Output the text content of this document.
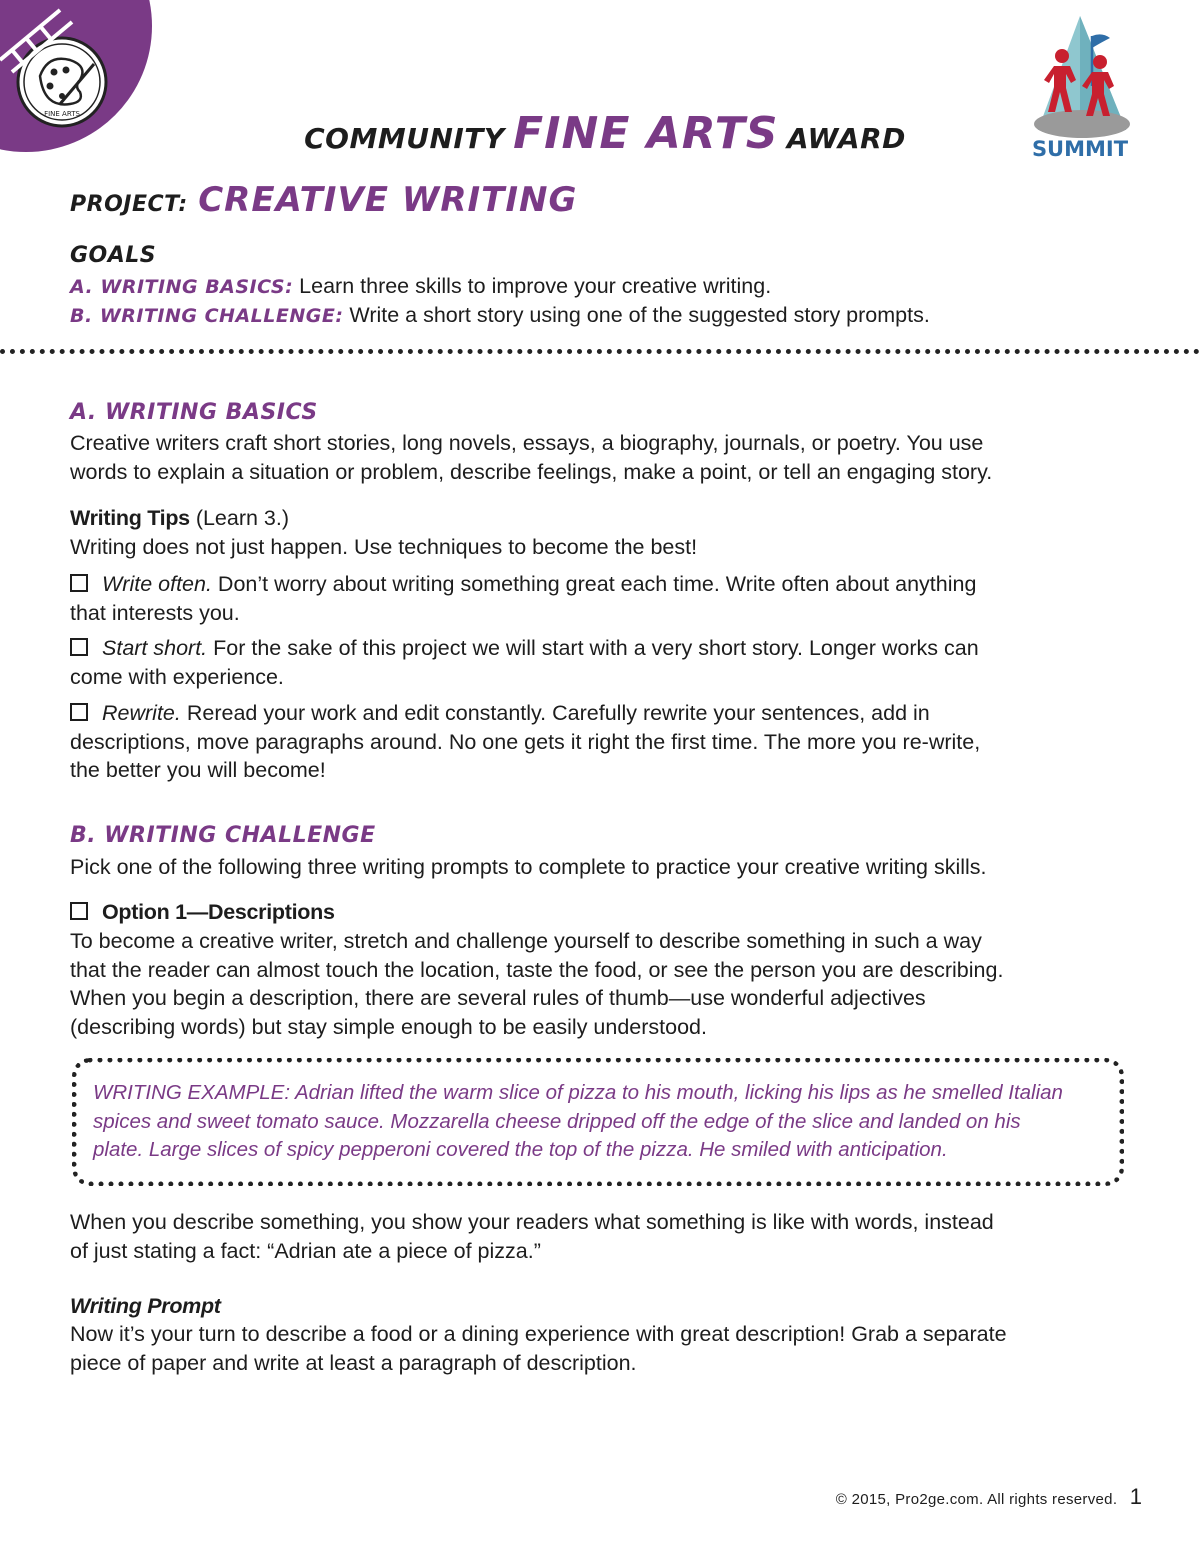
FINE ARTS
COMMUNITY FINE ARTS AWARD	SUMMIT
PROJECT: CREATIVE WRITING
GOALS
A. WRITING BASICS: Learn three skills to improve your creative writing.
B. WRITING CHALLENGE: Write a short story using one of the suggested story prompts.
A. WRITING BASICS
Creative writers craft short stories, long novels, essays, a biography, journals, or poetry. You use
words to explain a situation or problem, describe feelings, make a point, or tell an engaging story.
Writing Tips (Learn 3.)
Writing does not just happen. Use techniques to become the best!
Write often. Don’t worry about writing something great each time. Write often about anything
that interests you.
Start short. For the sake of this project we will start with a very short story. Longer works can
come with experience.
Rewrite. Reread your work and edit constantly. Carefully rewrite your sentences, add in
descriptions, move paragraphs around. No one gets it right the first time. The more you re-write,
the better you will become!
B. WRITING CHALLENGE
Pick one of the following three writing prompts to complete to practice your creative writing skills.
Option 1—Descriptions
To become a creative writer, stretch and challenge yourself to describe something in such a way
that the reader can almost touch the location, taste the food, or see the person you are describing.
When you begin a description, there are several rules of thumb—use wonderful adjectives
(describing words) but stay simple enough to be easily understood.
WRITING EXAMPLE: Adrian lifted the warm slice of pizza to his mouth, licking his lips as he smelled Italian
spices and sweet tomato sauce. Mozzarella cheese dripped off the edge of the slice and landed on his
plate. Large slices of spicy pepperoni covered the top of the pizza. He smiled with anticipation.
When you describe something, you show your readers what something is like with words, instead
of just stating a fact: “Adrian ate a piece of pizza.”
Writing Prompt
Now it’s your turn to describe a food or a dining experience with great description! Grab a separate
piece of paper and write at least a paragraph of description.
© 2015, Pro2ge.com. All rights reserved. 1
